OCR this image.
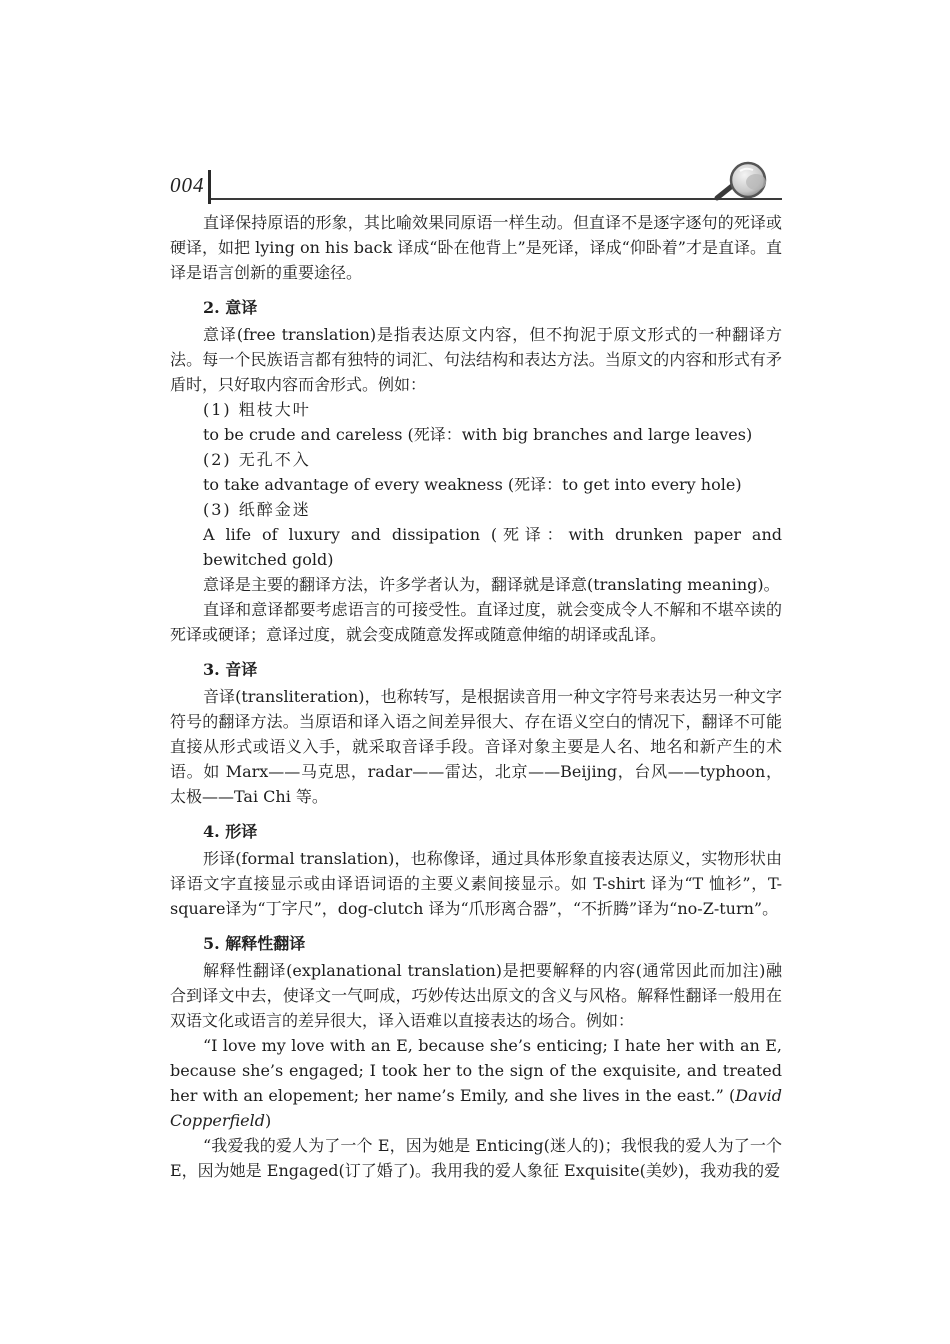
004

直译保持原语的形象，其比喻效果同原语一样生动。但直译不是逐字逐句的死译或硬译，如把 lying on his back 译成“卧在他背上”是死译，译成“仰卧着”才是直译。直译是语言创新的重要途径。

2. 意译

意译(free translation)是指表达原文内容，但不拘泥于原文形式的一种翻译方法。每一个民族语言都有独特的词汇、句法结构和表达方法。当原文的内容和形式有矛盾时，只好取内容而舍形式。例如：

(1) 粗枝大叶

to be crude and careless (死译：with big branches and large leaves)

(2) 无孔不入

to take advantage of every weakness (死译：to get into every hole)

(3) 纸醉金迷

A life of luxury and dissipation (死译：with drunken paper and bewitched gold)

意译是主要的翻译方法，许多学者认为，翻译就是译意(translating meaning)。

直译和意译都要考虑语言的可接受性。直译过度，就会变成令人不解和不堪卒读的死译或硬译；意译过度，就会变成随意发挥或随意伸缩的胡译或乱译。

3. 音译

音译(transliteration)，也称转写，是根据读音用一种文字符号来表达另一种文字符号的翻译方法。当原语和译入语之间差异很大、存在语义空白的情况下，翻译不可能直接从形式或语义入手，就采取音译手段。音译对象主要是人名、地名和新产生的术语。如 Marx——马克思，radar——雷达，北京——Beijing，台风——typhoon，太极——Tai Chi 等。

4. 形译

形译(formal translation)，也称像译，通过具体形象直接表达原义，实物形状由译语文字直接显示或由译语词语的主要义素间接显示。如 T-shirt 译为“T 恤衫”，T-square译为“丁字尺”，dog-clutch 译为“爪形离合器”，“不折腾”译为“no-Z-turn”。

5. 解释性翻译

解释性翻译(explanational translation)是把要解释的内容(通常因此而加注)融合到译文中去，使译文一气呵成，巧妙传达出原文的含义与风格。解释性翻译一般用在双语文化或语言的差异很大，译入语难以直接表达的场合。例如：

“I love my love with an E, because she’s enticing; I hate her with an E, because she’s engaged; I took her to the sign of the exquisite, and treated her with an elopement; her name’s Emily, and she lives in the east.” (David Copperfield)

“我爱我的爱人为了一个 E，因为她是 Enticing(迷人的)；我恨我的爱人为了一个 E，因为她是 Engaged(订了婚了)。我用我的爱人象征 Exquisite(美妙)，我劝我的爱
